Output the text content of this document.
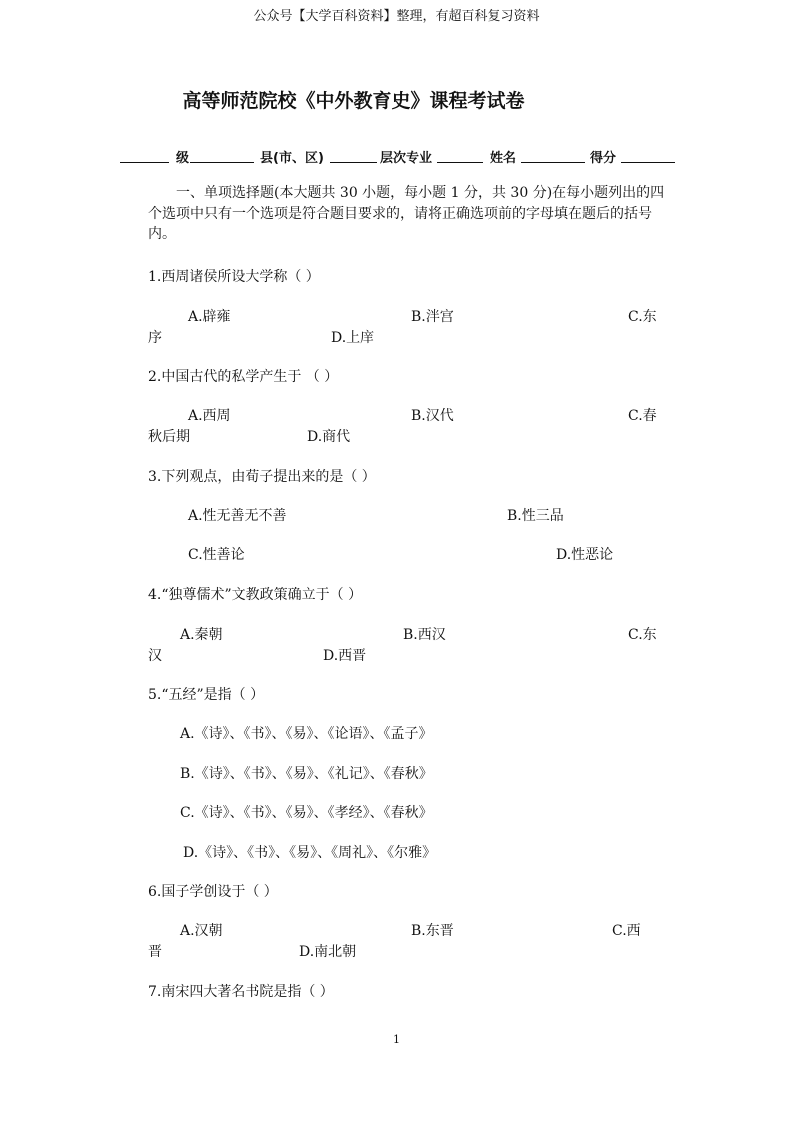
公众号【大学百科资料】整理，有超百科复习资料
高等师范院校《中外教育史》课程考试卷
级	县(市、区)	层次专业	姓名	得分
一、单项选择题(本大题共 30 小题，每小题 1 分，共 30 分)在每小题列出的四个选项中只有一个选项是符合题目要求的，请将正确选项前的字母填在题后的括号内。
1.西周诸侯所设大学称（ ）
A.辟雍	B.泮宫	C.东
序	D.上庠
2.中国古代的私学产生于 （ ）
A.西周	B.汉代	C.春
秋后期	D.商代
3.下列观点，由荀子提出来的是（ ）
A.性无善无不善	B.性三品
C.性善论	D.性恶论
4.“独尊儒术”文教政策确立于（ ）
A.秦朝	B.西汉	C.东
汉	D.西晋
5.“五经”是指（ ）
A.《诗》、《书》、《易》、《论语》、《孟子》
B.《诗》、《书》、《易》、《礼记》、《春秋》
C.《诗》、《书》、《易》、《孝经》、《春秋》
D.《诗》、《书》、《易》、《周礼》、《尔雅》
6.国子学创设于（ ）
A.汉朝	B.东晋	C.西
晋	D.南北朝
7.南宋四大著名书院是指（ ）
1
